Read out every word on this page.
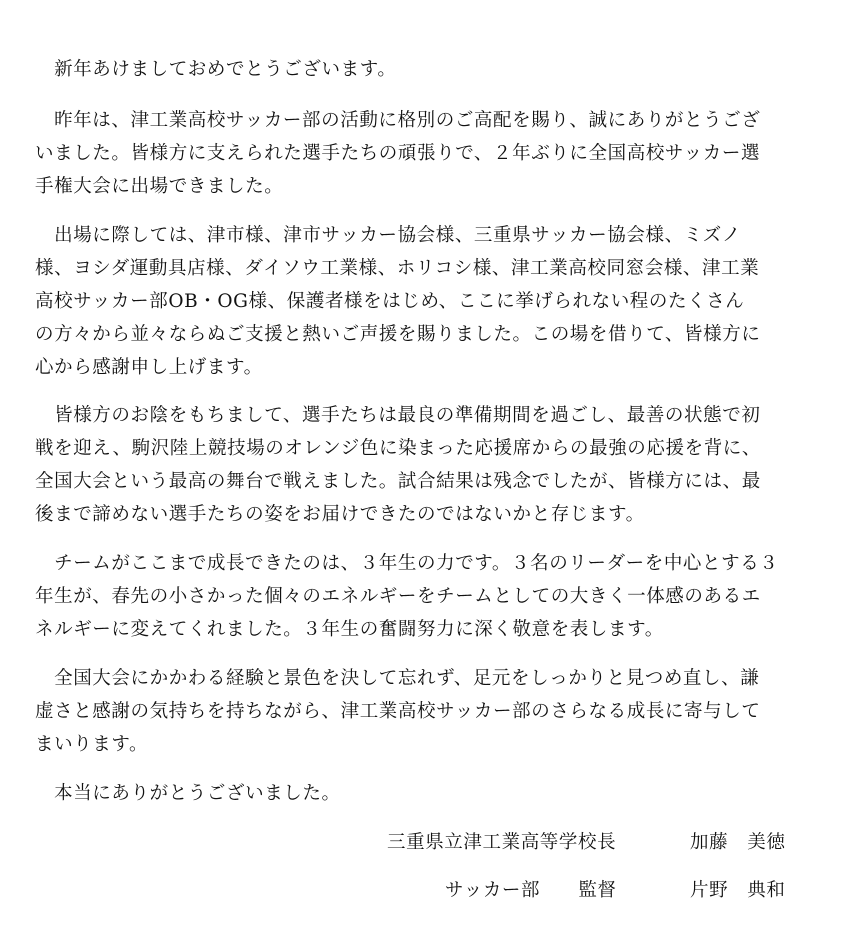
　新年あけましておめでとうございます。
　昨年は、津工業高校サッカー部の活動に格別のご高配を賜り、誠にありがとうござ
いました。皆様方に支えられた選手たちの頑張りで、２年ぶりに全国高校サッカー選
手権大会に出場できました。
　出場に際しては、津市様、津市サッカー協会様、三重県サッカー協会様、ミズノ
様、ヨシダ運動具店様、ダイソウ工業様、ホリコシ様、津工業高校同窓会様、津工業
高校サッカー部OB・OG様、保護者様をはじめ、ここに挙げられない程のたくさん
の方々から並々ならぬご支援と熱いご声援を賜りました。この場を借りて、皆様方に
心から感謝申し上げます。
　皆様方のお陰をもちまして、選手たちは最良の準備期間を過ごし、最善の状態で初
戦を迎え、駒沢陸上競技場のオレンジ色に染まった応援席からの最強の応援を背に、
全国大会という最高の舞台で戦えました。試合結果は残念でしたが、皆様方には、最
後まで諦めない選手たちの姿をお届けできたのではないかと存じます。
　チームがここまで成長できたのは、３年生の力です。３名のリーダーを中心とする３
年生が、春先の小さかった個々のエネルギーをチームとしての大きく一体感のあるエ
ネルギーに変えてくれました。３年生の奮闘努力に深く敬意を表します。
　全国大会にかかわる経験と景色を決して忘れず、足元をしっかりと見つめ直し、謙
虚さと感謝の気持ちを持ちながら、津工業高校サッカー部のさらなる成長に寄与して
まいります。
　本当にありがとうございました。
三重県立津工業高等学校長	加藤　美徳
サッカー部　　監督	片野　典和
